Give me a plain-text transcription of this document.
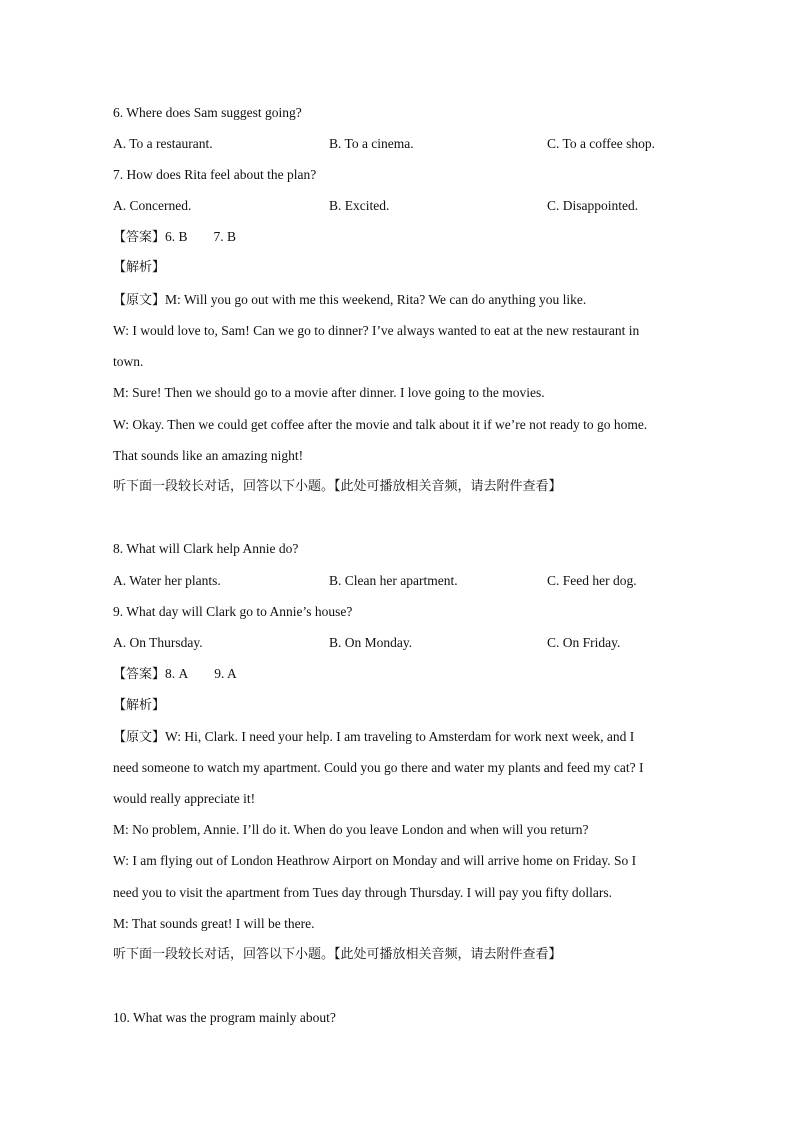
6. Where does Sam suggest going?
A. To a restaurant.	B. To a cinema.	C. To a coffee shop.
7. How does Rita feel about the plan?
A. Concerned.	B. Excited.	C. Disappointed.
【答案】6. B 7. B
【解析】
【原文】M: Will you go out with me this weekend, Rita? We can do anything you like.
W: I would love to, Sam! Can we go to dinner? I’ve always wanted to eat at the new restaurant in
town.
M: Sure! Then we should go to a movie after dinner. I love going to the movies.
W: Okay. Then we could get coffee after the movie and talk about it if we’re not ready to go home.
That sounds like an amazing night!
听下面一段较长对话，回答以下小题。【此处可播放相关音频，请去附件查看】
8. What will Clark help Annie do?
A. Water her plants.	B. Clean her apartment.	C. Feed her dog.
9. What day will Clark go to Annie’s house?
A. On Thursday.	B. On Monday.	C. On Friday.
【答案】8. A 9. A
【解析】
【原文】W: Hi, Clark. I need your help. I am traveling to Amsterdam for work next week, and I
need someone to watch my apartment. Could you go there and water my plants and feed my cat? I
would really appreciate it!
M: No problem, Annie. I’ll do it. When do you leave London and when will you return?
W: I am flying out of London Heathrow Airport on Monday and will arrive home on Friday. So I
need you to visit the apartment from Tues day through Thursday. I will pay you fifty dollars.
M: That sounds great! I will be there.
听下面一段较长对话，回答以下小题。【此处可播放相关音频，请去附件查看】
10. What was the program mainly about?
